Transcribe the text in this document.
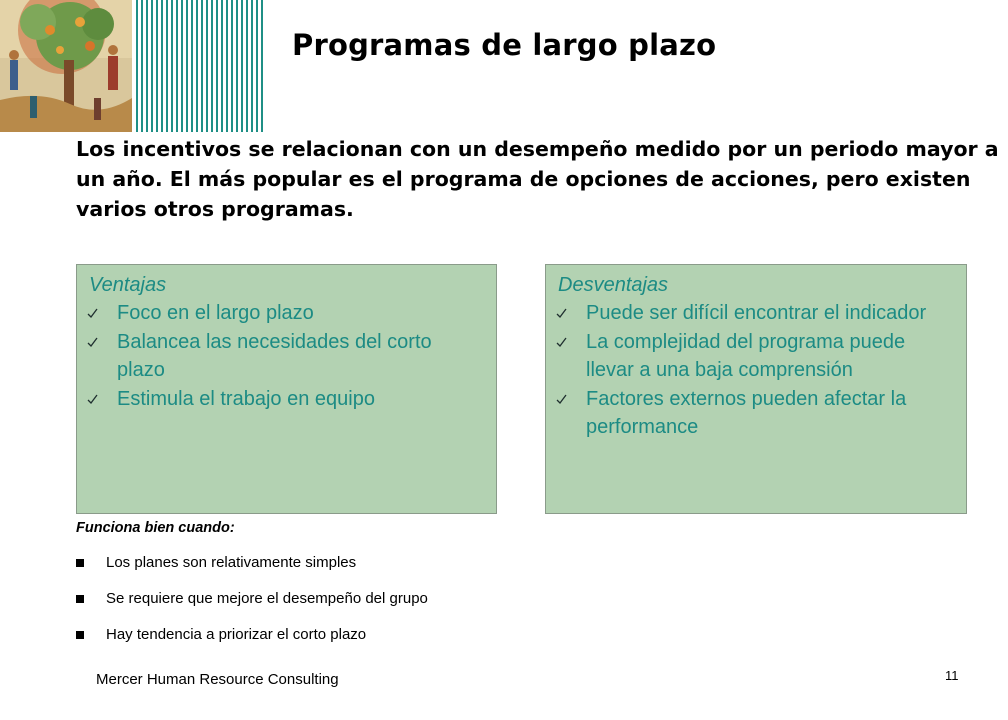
Programas de largo plazo

Los incentivos se relacionan con un desempeño medido por un periodo mayor a un año. El más popular es el programa de opciones de acciones, pero existen varios otros programas.

Ventajas
Foco en el largo plazo
Balancea las necesidades del corto plazo
Estimula el trabajo en equipo
Desventajas
Puede ser difícil encontrar el indicador
La complejidad del programa puede llevar a una baja comprensión
Factores externos pueden afectar la performance
Funciona bien cuando:
Los planes son relativamente simples
Se requiere que mejore el desempeño del grupo
Hay tendencia a priorizar el corto plazo
Mercer Human Resource Consulting	11
